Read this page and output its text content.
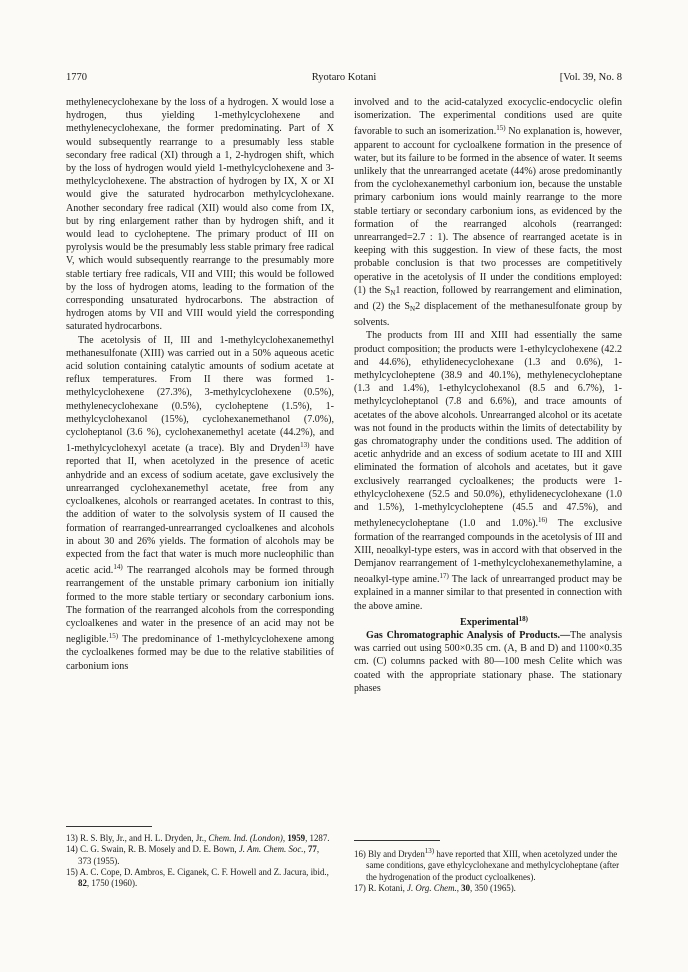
1770	Ryotaro Kotani	[Vol. 39, No. 8

methylenecyclohexane by the loss of a hydrogen. X would lose a hydrogen, thus yielding 1-methylcyclohexene and methylenecyclohexane, the former predominating. Part of X would subsequently rearrange to a presumably less stable secondary free radical (XI) through a 1, 2-hydrogen shift, which by the loss of hydrogen would yield 1-methylcyclohexene and 3-methylcyclohexene. The abstraction of hydrogen by IX, X or XI would give the saturated hydrocarbon methylcyclohexane. Another secondary free radical (XII) would also come from IX, but by ring enlargement rather than by hydrogen shift, and it would lead to cycloheptene. The primary product of III on pyrolysis would be the presumably less stable primary free radical V, which would subsequently rearrange to the presumably more stable tertiary free radicals, VII and VIII; this would be followed by the loss of hydrogen atoms, leading to the formation of the corresponding unsaturated hydrocarbons. The abstraction of hydrogen atoms by VII and VIII would yield the corresponding saturated hydrocarbons.

The acetolysis of II, III and 1-methylcyclohexanemethyl methanesulfonate (XIII) was carried out in a 50% aqueous acetic acid solution containing catalytic amounts of sodium acetate at reflux temperatures. From II there was formed 1-methylcyclohexene (27.3%), 3-methylcyclohexene (0.5%), methylenecyclohexane (0.5%), cycloheptene (1.5%), 1-methylcyclohexanol (15%), cyclohexanemethanol (7.0%), cycloheptanol (3.6 %), cyclohexanemethyl acetate (44.2%), and 1-methylcyclohexyl acetate (a trace). Bly and Dryden$^{13)}$ have reported that II, when acetolyzed in the presence of acetic anhydride and an excess of sodium acetate, gave exclusively the unrearranged cyclohexanemethyl acetate, free from any cycloalkenes, alcohols or rearranged acetates. In contrast to this, the addition of water to the solvolysis system of II caused the formation of rearranged-unrearranged cycloalkenes and alcohols in about 30 and 26% yields. The formation of alcohols may be expected from the fact that water is much more nucleophilic than acetic acid.$^{14)}$ The rearranged alcohols may be formed through rearrangement of the unstable primary carbonium ion initially formed to the more stable tertiary or secondary carbonium ions. The formation of the rearranged alcohols from the corresponding cycloalkenes and water in the presence of an acid may not be negligible.$^{15)}$ The predominance of 1-methylcyclohexene among the cycloalkenes formed may be due to the relative stabilities of carbonium ions

involved and to the acid-catalyzed exocyclic-endocyclic olefin isomerization. The experimental conditions used are quite favorable to such an isomerization.$^{15)}$ No explanation is, however, apparent to account for cycloalkene formation in the presence of water, but its failure to be formed in the absence of water. It seems unlikely that the unrearranged acetate (44%) arose predominantly from the cyclohexanemethyl carbonium ion, because the unstable primary carbonium ions would mainly rearrange to the more stable tertiary or secondary carbonium ions, as evidenced by the formation of the rearranged alcohols (rearranged: unrearranged=2.7 : 1). The absence of rearranged acetate is in keeping with this suggestion. In view of these facts, the most probable conclusion is that two processes are competitively operative in the acetolysis of II under the conditions employed: (1) the $S_N1$ reaction, followed by rearrangement and elimination, and (2) the $S_N2$ displacement of the methanesulfonate group by solvents.

The products from III and XIII had essentially the same product composition; the products were 1-ethylcyclohexene (42.2 and 44.6%), ethylidenecyclohexane (1.3 and 0.6%), 1-methylcycloheptene (38.9 and 40.1%), methylenecycloheptane (1.3 and 1.4%), 1-ethylcyclohexanol (8.5 and 6.7%), 1-methylcycloheptanol (7.8 and 6.6%), and trace amounts of acetates of the above alcohols. Unrearranged alcohol or its acetate was not found in the products within the limits of detectability by gas chromatography under the conditions used. The addition of acetic anhydride and an excess of sodium acetate to III and XIII eliminated the formation of alcohols and acetates, but it gave exclusively rearranged cycloalkenes; the products were 1-ethylcyclohexene (52.5 and 50.0%), ethylidenecyclohexane (1.0 and 1.5%), 1-methylcycloheptene (45.5 and 47.5%), and methylenecycloheptane (1.0 and 1.0%).$^{16)}$ The exclusive formation of the rearranged compounds in the acetolysis of III and XIII, neoalkyl-type esters, was in accord with that observed in the Demjanov rearrangement of 1-methylcyclohexanemethylamine, a neoalkyl-type amine.$^{17)}$ The lack of unrearranged product may be explained in a manner similar to that presented in connection with the above amine.

Experimental$^{18)}$

Gas Chromatographic Analysis of Products.—The analysis was carried out using 500×0.35 cm. (A, B and D) and 1100×0.35 cm. (C) columns packed with 80—100 mesh Celite which was coated with the appropriate stationary phase. The stationary phases

13) R. S. Bly, Jr., and H. L. Dryden, Jr., Chem. Ind. (London), 1959, 1287.
14) C. G. Swain, R. B. Mosely and D. E. Bown, J. Am. Chem. Soc., 77, 373 (1955).
15) A. C. Cope, D. Ambros, E. Ciganek, C. F. Howell and Z. Jacura, ibid., 82, 1750 (1960).
16) Bly and Dryden$^{13)}$ have reported that XIII, when acetolyzed under the same conditions, gave ethylcyclohexane and methylcycloheptane (after the hydrogenation of the product cycloalkenes).
17) R. Kotani, J. Org. Chem., 30, 350 (1965).
